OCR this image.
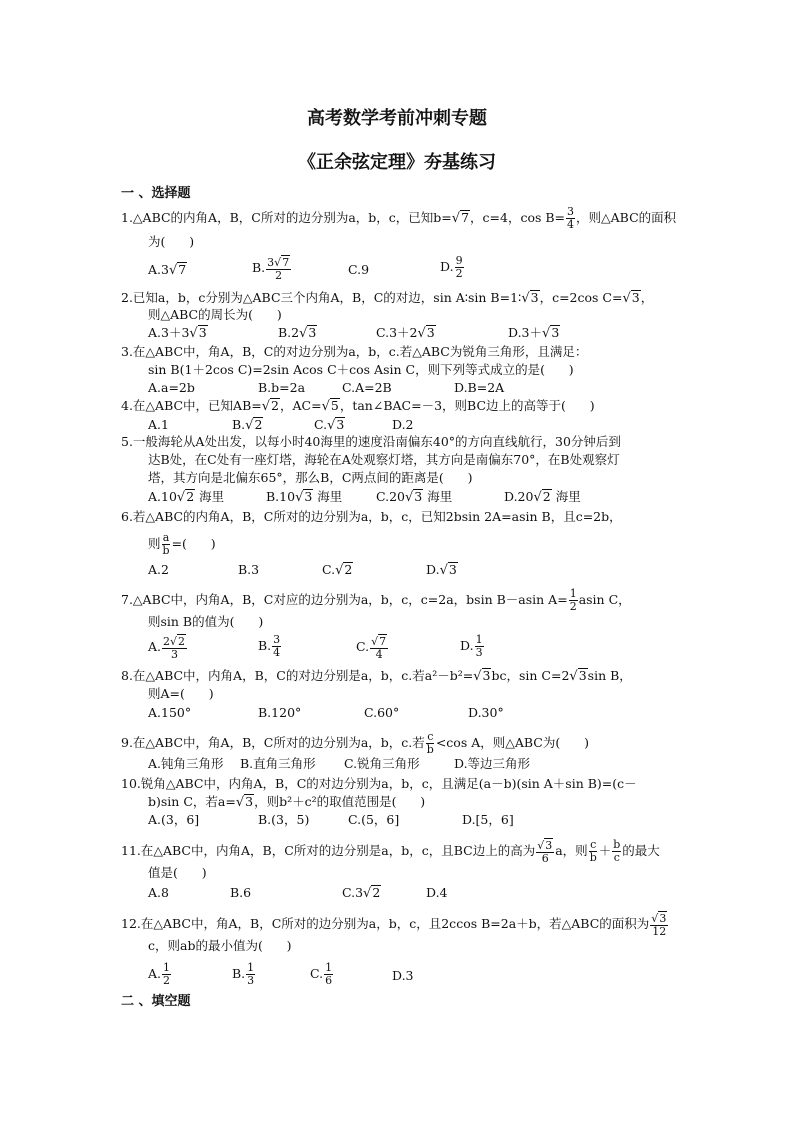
高考数学考前冲刺专题
《正余弦定理》夯基练习
一 、选择题
1.△ABC的内角A，B，C所对的边分别为a，b，c，已知b=√7，c=4，$\cos B= \frac{3}{4}$ ，则△ABC的面积
为(      )
A.3√7	B. $\frac{3√7}{2}$	C.9	D. $\frac{9}{2}$
2.已知a，b，c分别为△ABC三个内角A，B，C的对边，sin A∶sin B=1∶√3，c=2cos C=√3，
则△ABC的周长为(      )
A.3＋3√3	B.2√3	C.3＋2√3	D.3＋√3
3.在△ABC中，角A，B，C的对边分别为a，b，c.若△ABC为锐角三角形，且满足：
sin B(1＋2cos C)=2sin Acos C＋cos Asin C，则下列等式成立的是(      )
A.a=2b	B.b=2a	C.A=2B	D.B=2A
4.在△ABC中，已知AB=√2，AC=√5，tan∠BAC=－3，则BC边上的高等于(      )
A.1	B.√2	C.√3	D.2
5.一般海轮从A处出发，以每小时40海里的速度沿南偏东40°的方向直线航行，30分钟后到
达B处，在C处有一座灯塔，海轮在A处观察灯塔，其方向是南偏东70°，在B处观察灯
塔，其方向是北偏东65°，那么B，C两点间的距离是(      )
A.10√2 海里	B.10√3 海里	C.20√3 海里	D.20√2 海里
6.若△ABC的内角A，B，C所对的边分别为a，b，c，已知2bsin 2A=asin B，且c=2b，
则 $\frac{a}{b}$ =(      )
A.2	B.3	C.√2	D.√3
7.△ABC中，内角A，B，C对应的边分别为a，b，c，c=2a，bsin B－asin $A= \frac{1}{2}$ asin C，
则sin B的值为(      )
A. $\frac{2√2}{3}$	B. $\frac{3}{4}$	C. $\frac{√7}{4}$	D. $\frac{1}{3}$
8.在△ABC中，内角A，B，C的对边分别是a，b，c.若a²－b²=√3bc，sin C=2√3sin B，
则A=(      )
A.150°	B.120°	C.60°	D.30°
9.在△ABC中，角A，B，C所对的边分别为a，b，c.若 $\frac{c}{b} <\cos$ A，则△ABC为(      )
A.钝角三角形 B.直角三角形 C.锐角三角形	D.等边三角形
10.锐角△ABC中，内角A，B，C的对边分别为a，b，c，且满足(a－b)(sin A＋sin B)=(c－
b)sin C，若a=√3，则b²＋c²的取值范围是(      )
A.(3，6]	B.(3，5)	C.(5，6]	D.[5，6]
11.在△ABC中，内角A，B，C所对的边分别是a，b，c，且BC边上的高为 $\frac{√3}{6}$ a，则 $\frac{c}{b} + \frac{b}{c}$ 的最大
值是(      )
A.8	B.6	C.3√2	D.4
12.在△ABC中，角A，B，C所对的边分别为a，b，c，且2ccos B=2a＋b，若△ABC的面积为 $\frac{√3}{12}$
c，则ab的最小值为(      )
A. $\frac{1}{2}$	B. $\frac{1}{3}$	C. $\frac{1}{6}$	D.3
二 、填空题
